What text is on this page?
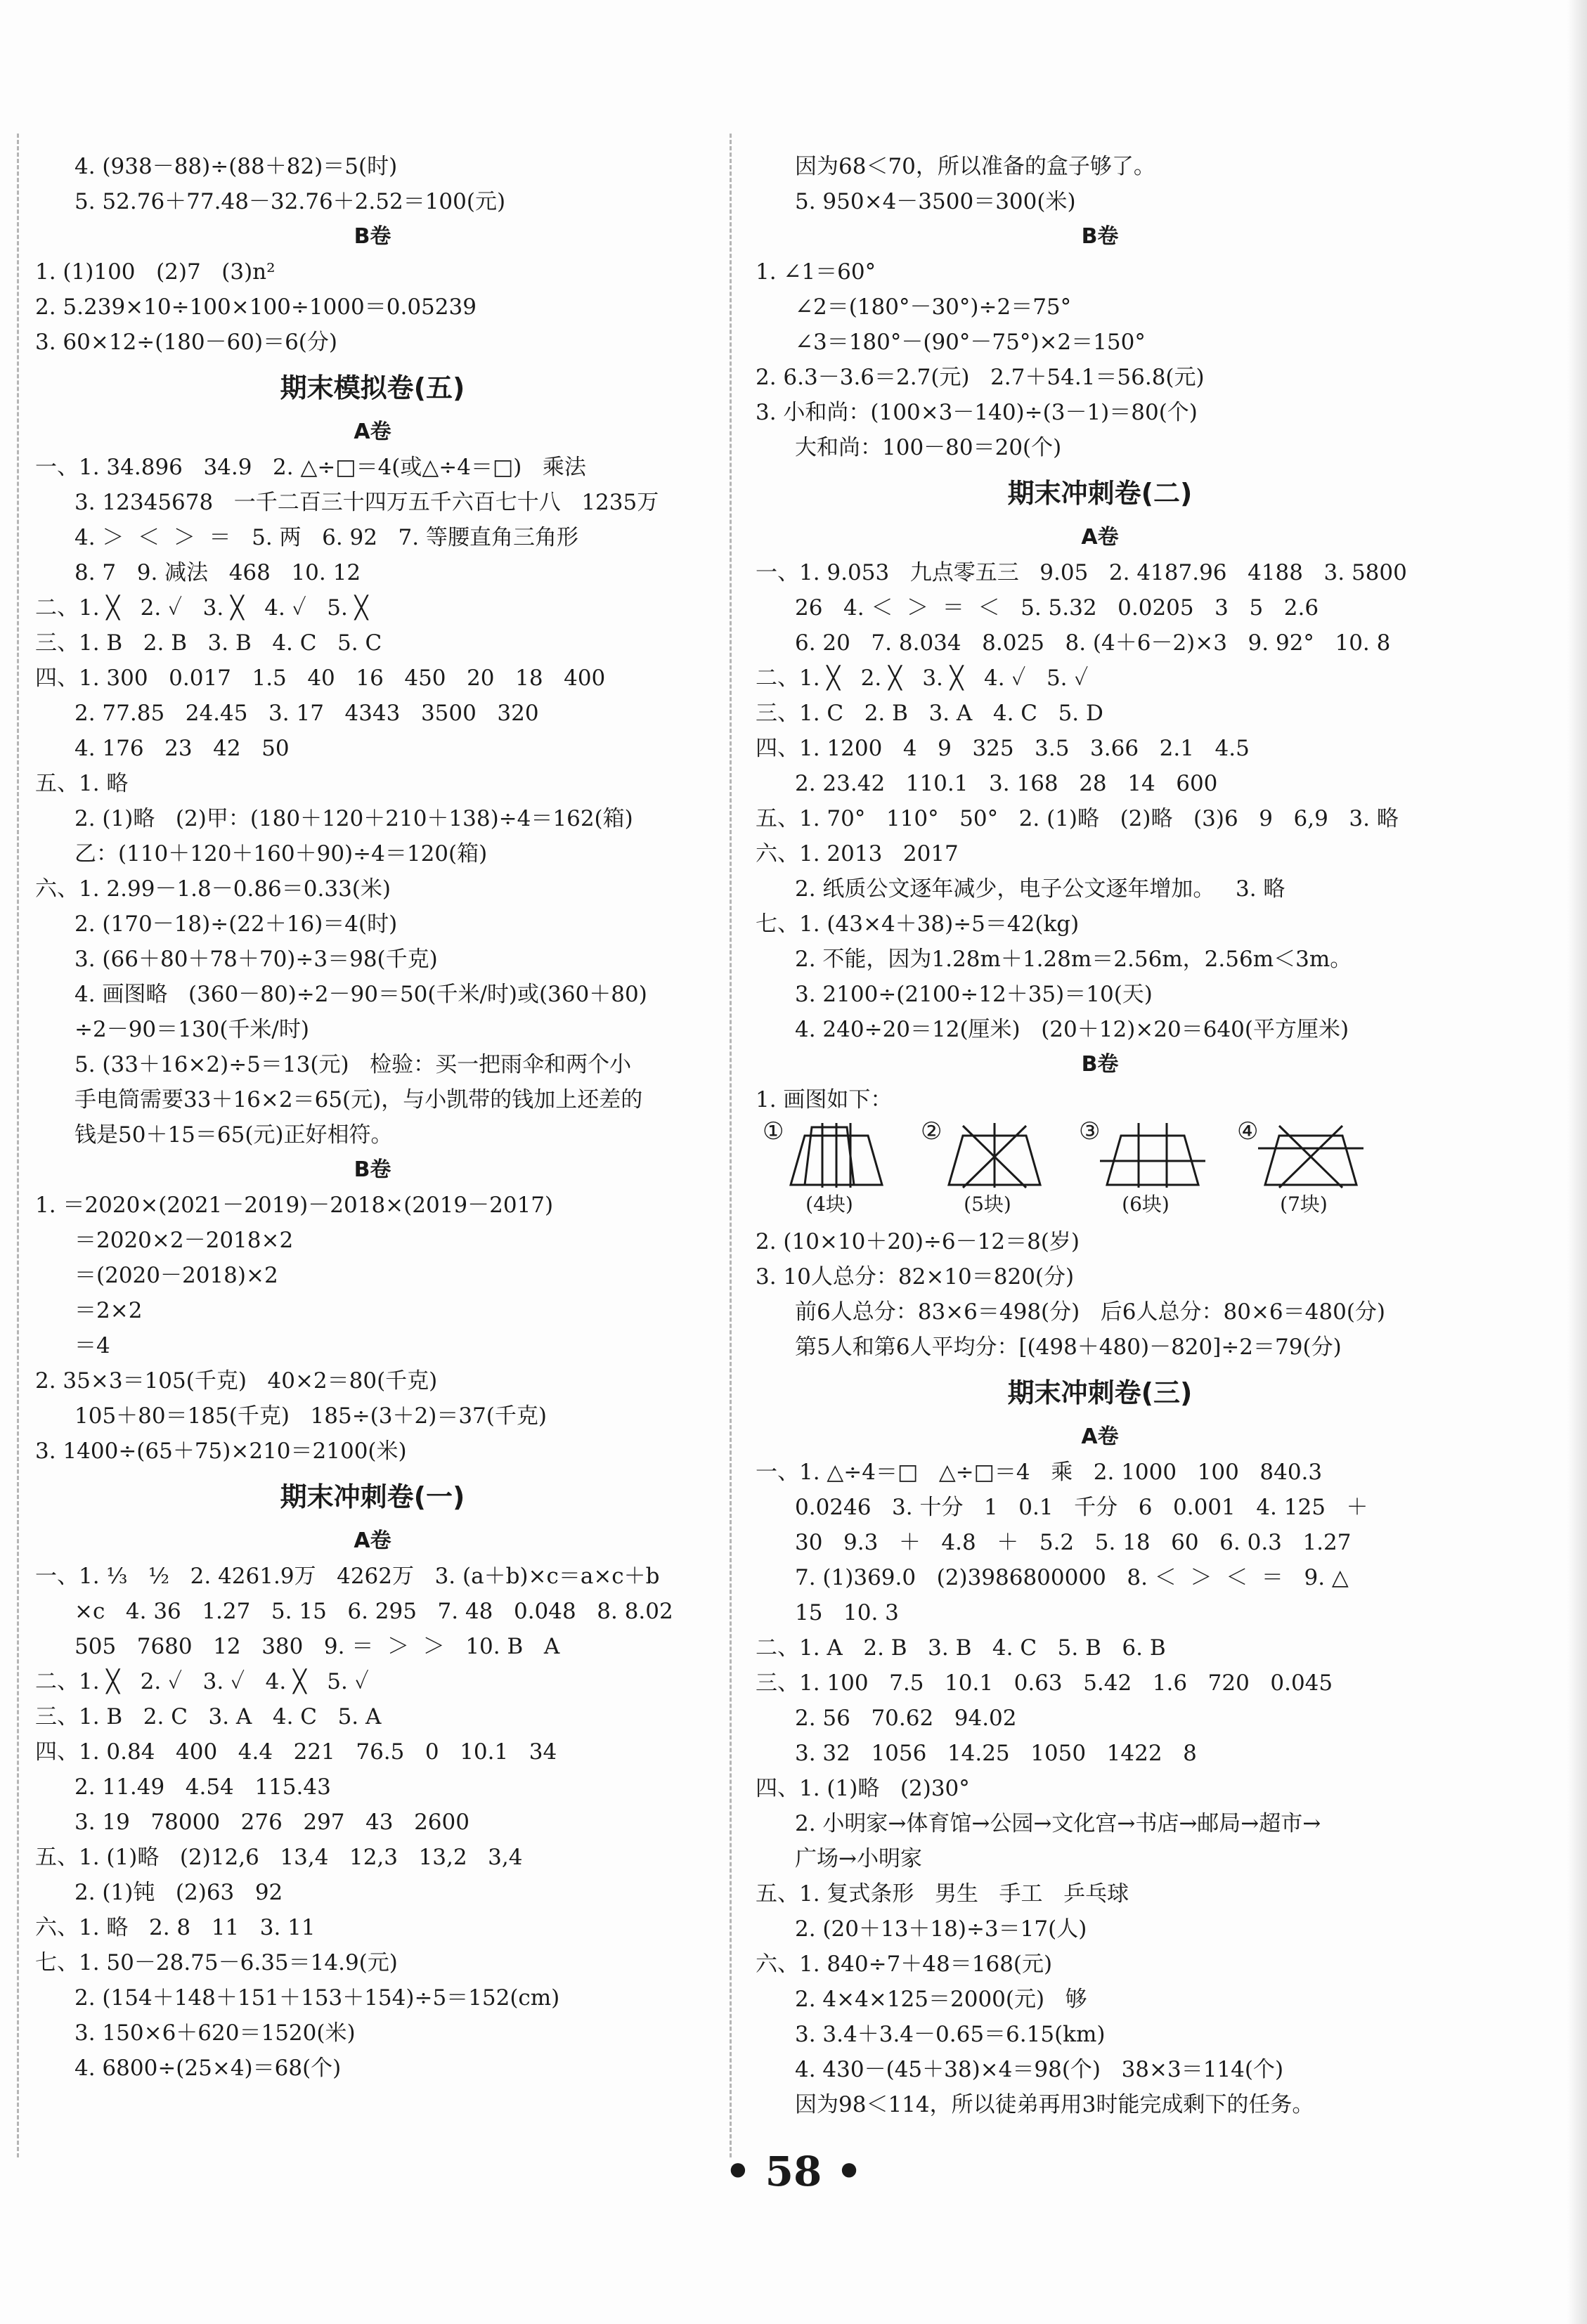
4. (938－88)÷(88＋82)＝5(时)
5. 52.76＋77.48－32.76＋2.52＝100(元)
B卷
1. (1)100   (2)7   (3)n²
2. 5.239×10÷100×100÷1000＝0.05239
3. 60×12÷(180－60)＝6(分)
期末模拟卷(五)
A卷
一、1. 34.896   34.9   2. △÷□＝4(或△÷4＝□)   乘法
3. 12345678   一千二百三十四万五千六百七十八   1235万
4. ＞  ＜  ＞  ＝   5. 两   6. 92   7. 等腰直角三角形
8. 7   9. 减法   468   10. 12
二、1. ╳   2. ✓   3. ╳   4. ✓   5. ╳
三、1. B   2. B   3. B   4. C   5. C
四、1. 300   0.017   1.5   40   16   450   20   18   400
2. 77.85   24.45   3. 17   4343   3500   320
4. 176   23   42   50
五、1. 略
2. (1)略   (2)甲：(180＋120＋210＋138)÷4＝162(箱)
乙：(110＋120＋160＋90)÷4＝120(箱)
六、1. 2.99－1.8－0.86＝0.33(米)
2. (170－18)÷(22＋16)＝4(时)
3. (66＋80＋78＋70)÷3＝98(千克)
4. 画图略   (360－80)÷2－90＝50(千米/时)或(360＋80)
÷2－90＝130(千米/时)
5. (33＋16×2)÷5＝13(元)   检验：买一把雨伞和两个小
手电筒需要33＋16×2＝65(元)，与小凯带的钱加上还差的
钱是50＋15＝65(元)正好相符。
B卷
1. ＝2020×(2021－2019)－2018×(2019－2017)
＝2020×2－2018×2
＝(2020－2018)×2
＝2×2
＝4
2. 35×3＝105(千克)   40×2＝80(千克)
105＋80＝185(千克)   185÷(3＋2)＝37(千克)
3. 1400÷(65＋75)×210＝2100(米)
期末冲刺卷(一)
A卷
一、1. ⅓   ½   2. 4261.9万   4262万   3. (a＋b)×c＝a×c＋b
×c   4. 36   1.27   5. 15   6. 295   7. 48   0.048   8. 8.02
505   7680   12   380   9. ＝  ＞  ＞   10. B   A
二、1. ╳   2. ✓   3. ✓   4. ╳   5. ✓
三、1. B   2. C   3. A   4. C   5. A
四、1. 0.84   400   4.4   221   76.5   0   10.1   34
2. 11.49   4.54   115.43
3. 19   78000   276   297   43   2600
五、1. (1)略   (2)12,6   13,4   12,3   13,2   3,4
2. (1)钝   (2)63   92
六、1. 略   2. 8   11   3. 11
七、1. 50－28.75－6.35＝14.9(元)
2. (154＋148＋151＋153＋154)÷5＝152(cm)
3. 150×6＋620＝1520(米)
4. 6800÷(25×4)＝68(个)
因为68＜70，所以准备的盒子够了。
5. 950×4－3500＝300(米)
B卷
1. ∠1＝60°
∠2＝(180°－30°)÷2＝75°
∠3＝180°－(90°－75°)×2＝150°
2. 6.3－3.6＝2.7(元)   2.7＋54.1＝56.8(元)
3. 小和尚：(100×3－140)÷(3－1)＝80(个)
大和尚：100－80＝20(个)
期末冲刺卷(二)
A卷
一、1. 9.053   九点零五三   9.05   2. 4187.96   4188   3. 5800
26   4. ＜  ＞  ＝  ＜   5. 5.32   0.0205   3   5   2.6
6. 20   7. 8.034   8.025   8. (4＋6－2)×3   9. 92°   10. 8
二、1. ╳   2. ╳   3. ╳   4. ✓   5. ✓
三、1. C   2. B   3. A   4. C   5. D
四、1. 1200   4   9   325   3.5   3.66   2.1   4.5
2. 23.42   110.1   3. 168   28   14   600
五、1. 70°   110°   50°   2. (1)略   (2)略   (3)6   9   6,9   3. 略
六、1. 2013   2017
2. 纸质公文逐年减少，电子公文逐年增加。   3. 略
七、1. (43×4＋38)÷5＝42(kg)
2. 不能，因为1.28m＋1.28m＝2.56m，2.56m＜3m。
3. 2100÷(2100÷12＋35)＝10(天)
4. 240÷20＝12(厘米)   (20＋12)×20＝640(平方厘米)
B卷
1. 画图如下：
①
(4块)
②
(5块)
③
(6块)
④
(7块)
2. (10×10＋20)÷6－12＝8(岁)
3. 10人总分：82×10＝820(分)
前6人总分：83×6＝498(分)   后6人总分：80×6＝480(分)
第5人和第6人平均分：[(498＋480)－820]÷2＝79(分)
期末冲刺卷(三)
A卷
一、1. △÷4＝□   △÷□＝4   乘   2. 1000   100   840.3
0.0246   3. 十分   1   0.1   千分   6   0.001   4. 125   ＋
30   9.3   ＋   4.8   ＋   5.2   5. 18   60   6. 0.3   1.27
7. (1)369.0   (2)3986800000   8. ＜  ＞  ＜  ＝   9. △
15   10. 3
二、1. A   2. B   3. B   4. C   5. B   6. B
三、1. 100   7.5   10.1   0.63   5.42   1.6   720   0.045
2. 56   70.62   94.02
3. 32   1056   14.25   1050   1422   8
四、1. (1)略   (2)30°
2. 小明家→体育馆→公园→文化宫→书店→邮局→超市→
广场→小明家
五、1. 复式条形   男生   手工   乒乓球
2. (20＋13＋18)÷3＝17(人)
六、1. 840÷7＋48＝168(元)
2. 4×4×125＝2000(元)   够
3. 3.4＋3.4－0.65＝6.15(km)
4. 430－(45＋38)×4＝98(个)   38×3＝114(个)
因为98＜114，所以徒弟再用3时能完成剩下的任务。
• 58 •
